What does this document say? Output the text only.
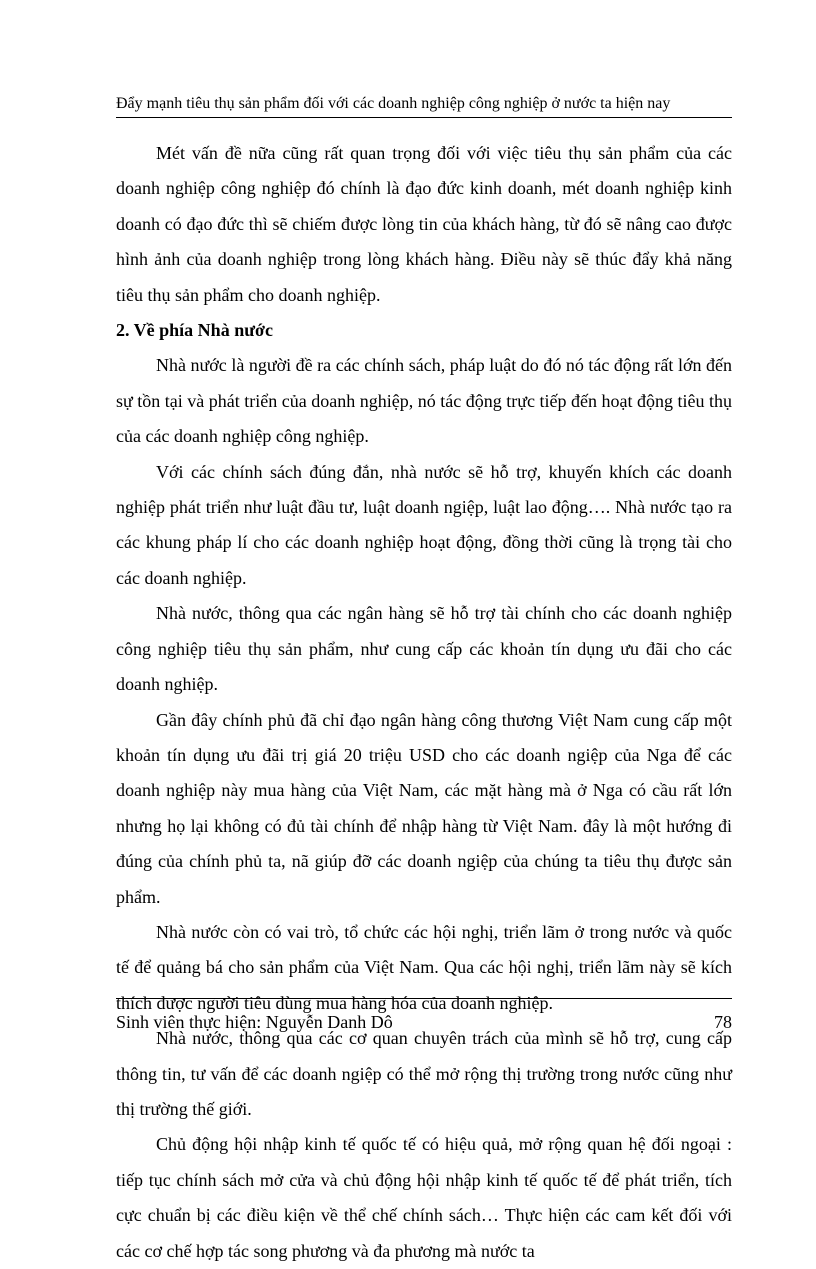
Đẩy mạnh tiêu thụ sản phẩm đối với các doanh nghiệp công nghiệp ở nước ta hiện nay

Mét vấn đề nữa cũng rất quan trọng đối với việc tiêu thụ sản phẩm của các doanh nghiệp công nghiệp đó chính là đạo đức kinh doanh, mét doanh nghiệp kinh doanh có đạo đức thì sẽ chiếm được lòng tin của khách hàng, từ đó sẽ nâng cao được hình ảnh của doanh nghiệp trong lòng khách hàng. Điều này sẽ thúc đẩy khả năng tiêu thụ sản phẩm cho doanh nghiệp.

2. Về phía Nhà nước

Nhà nước là người đề ra các chính sách, pháp luật do đó nó tác động rất lớn đến sự tồn tại và phát triển của doanh nghiệp, nó tác động trực tiếp đến hoạt động tiêu thụ của các doanh nghiệp công nghiệp.

Với các chính sách đúng đắn, nhà nước sẽ hỗ trợ, khuyến khích các doanh nghiệp phát triển như luật đầu tư, luật doanh ngiệp, luật lao động…. Nhà nước tạo ra các khung pháp lí cho các doanh nghiệp hoạt động, đồng thời cũng là trọng tài cho các doanh nghiệp.

Nhà nước, thông qua các ngân hàng sẽ hỗ trợ tài chính cho các doanh nghiệp công nghiệp tiêu thụ sản phẩm, như cung cấp các khoản tín dụng ưu đãi cho các doanh nghiệp.

Gần đây chính phủ đã chỉ đạo ngân hàng công thương Việt Nam cung cấp một khoản tín dụng ưu đãi trị giá 20 triệu USD cho các doanh ngiệp của Nga để các doanh nghiệp này mua hàng của Việt Nam, các mặt hàng mà ở Nga có cầu rất lớn nhưng họ lại không có đủ tài chính để nhập hàng từ Việt Nam. đây là một hướng đi đúng của chính phủ ta, nã giúp đỡ các doanh ngiệp của chúng ta tiêu thụ được sản phẩm.

Nhà nước còn có vai trò, tổ chức các hội nghị, triển lãm ở trong nước và quốc tế để quảng bá cho sản phẩm của Việt Nam. Qua các hội nghị, triển lãm này sẽ kích thích được người tiêu dùng mua hàng hóa của doanh nghiệp.

Nhà nước, thông qua các cơ quan chuyên trách của mình sẽ hỗ trợ, cung cấp thông tin, tư vấn để các doanh ngiệp có thể mở rộng thị trường trong nước cũng như thị trường thế giới.

Chủ động hội nhập kinh tế quốc tế có hiệu quả, mở rộng quan hệ đối ngoại : tiếp tục chính sách mở cửa và chủ động hội nhập kinh tế quốc tế để phát triển, tích cực chuẩn bị các điều kiện về thể chế chính sách… Thực hiện các cam kết đối với các cơ chế hợp tác song phương và đa phương mà nước ta

Sinh viên thực hiện: Nguyễn Danh Dô	78
